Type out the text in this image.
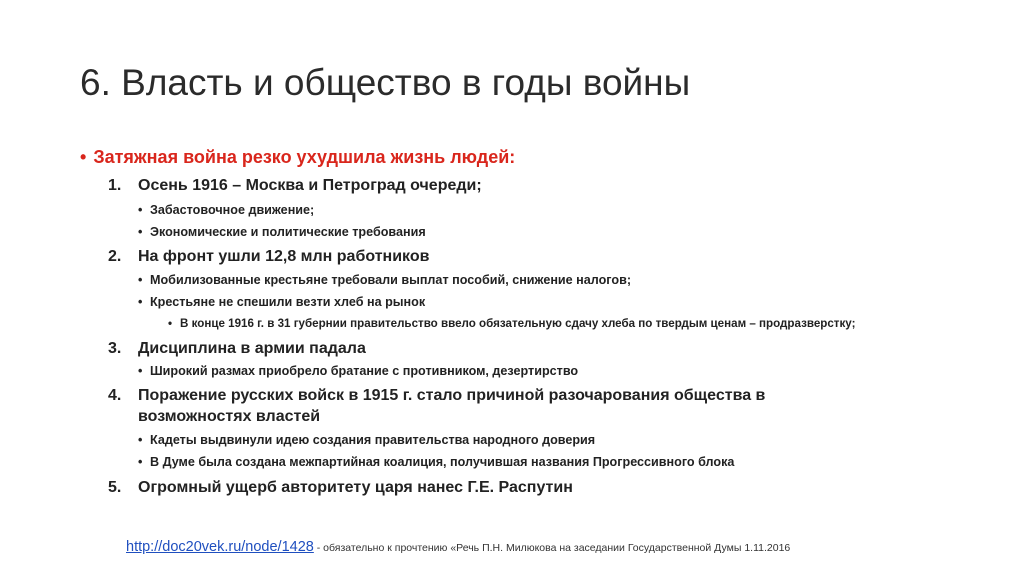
6. Власть и общество в годы войны
• Затяжная война резко ухудшила жизнь людей:
1. Осень 1916 – Москва и Петроград очереди;
• Забастовочное движение;
• Экономические и политические требования
2. На фронт ушли 12,8 млн работников
• Мобилизованные крестьяне требовали выплат пособий, снижение налогов;
• Крестьяне не спешили везти хлеб на рынок
• В конце 1916 г. в 31 губернии правительство ввело обязательную сдачу хлеба по твердым ценам – продразверстку;
3. Дисциплина в армии падала
• Широкий размах приобрело братание с противником, дезертирство
4. Поражение русских войск в 1915 г. стало причиной разочарования общества в
возможностях властей
• Кадеты выдвинули идею создания правительства народного доверия
• В Думе была создана межпартийная коалиция, получившая названия Прогрессивного блока
5. Огромный ущерб авторитету царя нанес Г.Е. Распутин
http://doc20vek.ru/node/1428 - обязательно к прочтению «Речь П.Н. Милюкова на заседании Государственной Думы 1.11.2016
